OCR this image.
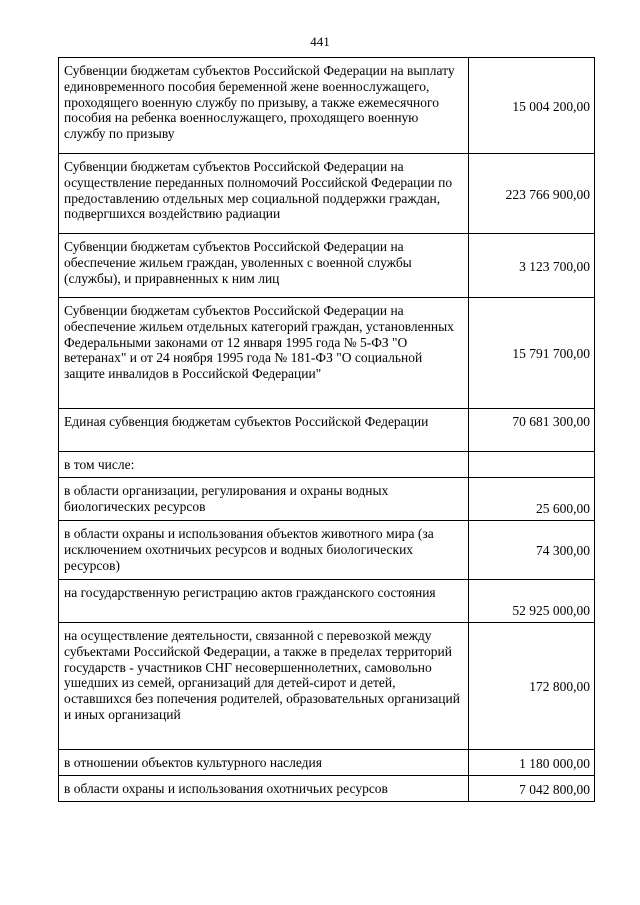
441
Субвенции бюджетам субъектов Российской Федерации на выплату единовременного пособия беременной жене военнослужащего, проходящего военную службу по призыву, а также ежемесячного пособия на ребенка военнослужащего, проходящего военную службу по призыву	15 004 200,00
Субвенции бюджетам субъектов Российской Федерации на осуществление переданных полномочий Российской Федерации по предоставлению отдельных мер социальной поддержки граждан, подвергшихся воздействию радиации	223 766 900,00
Субвенции бюджетам субъектов Российской Федерации на обеспечение жильем граждан, уволенных с военной службы (службы), и приравненных к ним лиц	3 123 700,00
Субвенции бюджетам субъектов Российской Федерации на обеспечение жильем отдельных категорий граждан, установленных Федеральными законами от 12 января 1995 года № 5-ФЗ "О ветеранах" и от 24 ноября 1995 года № 181-ФЗ "О социальной защите инвалидов в Российской Федерации"	15 791 700,00
Единая субвенция бюджетам субъектов Российской Федерации	70 681 300,00
в том числе:	
в области организации, регулирования и охраны водных биологических ресурсов	25 600,00
в области охраны и использования объектов животного мира (за исключением охотничьих ресурсов и водных биологических ресурсов)	74 300,00
на государственную регистрацию актов гражданского состояния	52 925 000,00
на осуществление деятельности, связанной с перевозкой между субъектами Российской Федерации, а также в пределах территорий государств - участников СНГ несовершеннолетних, самовольно ушедших из семей, организаций для детей-сирот и детей, оставшихся без попечения родителей, образовательных организаций и иных организаций	172 800,00
в отношении объектов культурного наследия	1 180 000,00
в области охраны и использования охотничьих ресурсов	7 042 800,00
